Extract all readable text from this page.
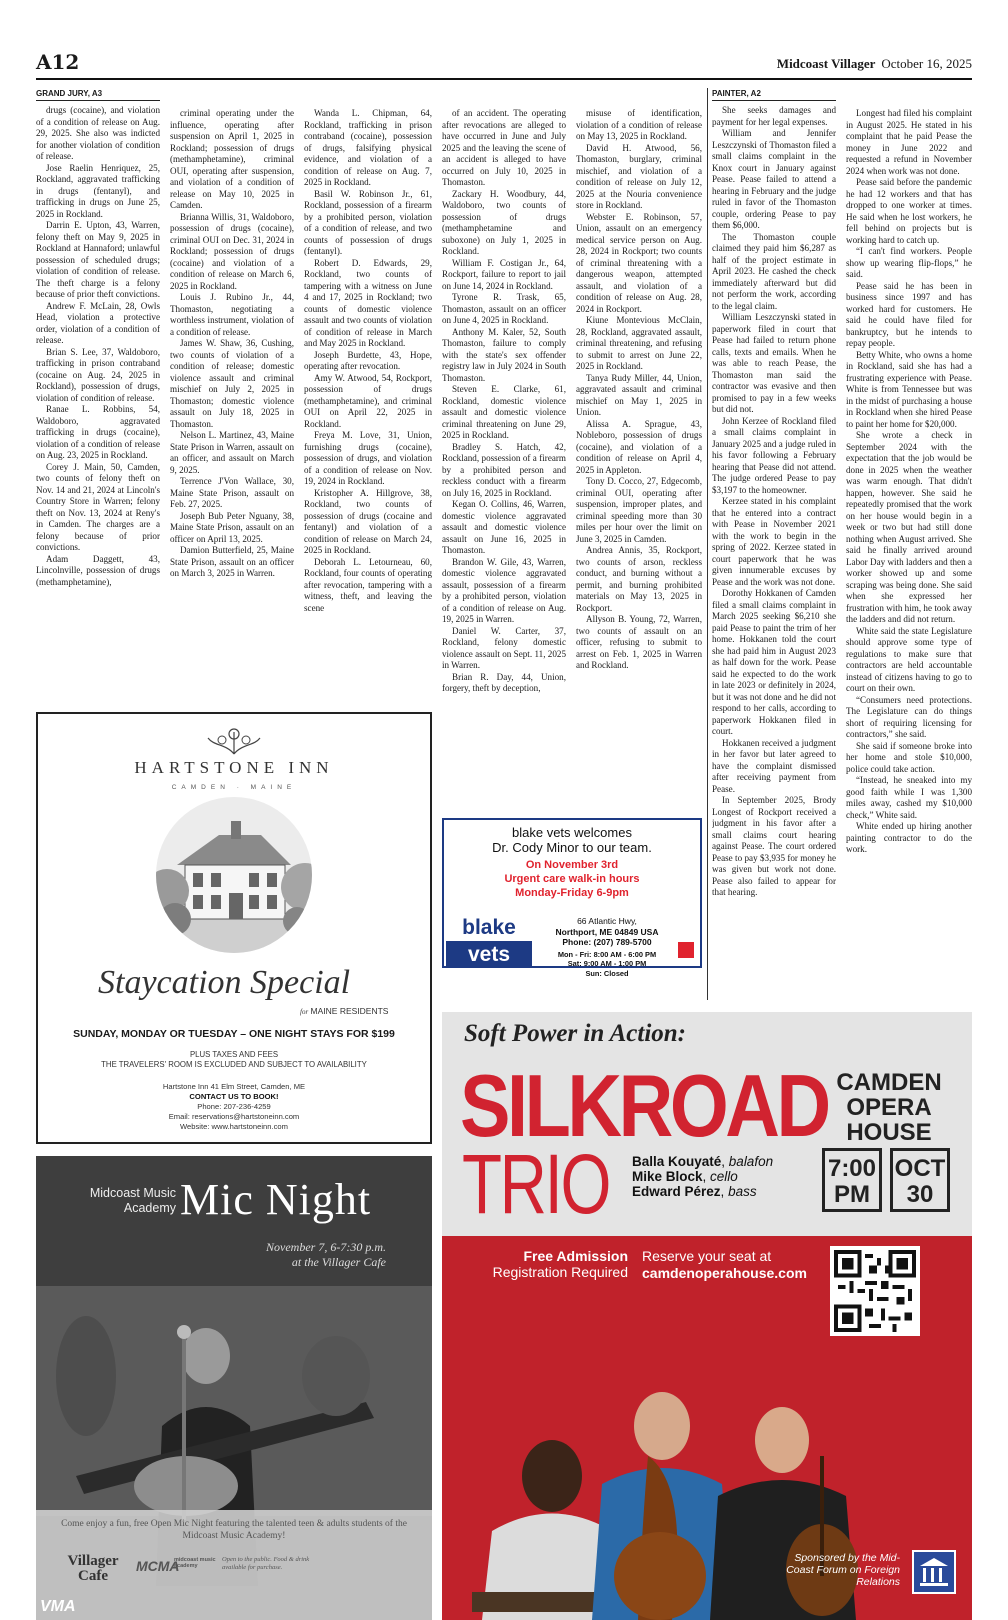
A12	Midcoast Villager October 16, 2025
GRAND JURY, A3

drugs (cocaine), and violation of a condition of release on Aug. 29, 2025. She also was indicted for another violation of condition of release.

Jose Raelin Henriquez, 25, Rockland, aggravated trafficking in drugs (fentanyl), and trafficking in drugs on June 25, 2025 in Rockland.

Darrin E. Upton, 43, Warren, felony theft on May 9, 2025 in Rockland at Hannaford; unlawful possession of scheduled drugs; violation of condition of release. The theft charge is a felony because of prior theft convictions.

Andrew F. McLain, 28, Owls Head, violation a protective order, violation of a condition of release.

Brian S. Lee, 37, Waldoboro, trafficking in prison contraband (cocaine on Aug. 24, 2025 in Rockland), possession of drugs, violation of condition of release.

Ranae L. Robbins, 54, Waldoboro, aggravated trafficking in drugs (cocaine), violation of a condition of release on Aug. 23, 2025 in Rockland.

Corey J. Main, 50, Camden, two counts of felony theft on Nov. 14 and 21, 2024 at Lincoln's Country Store in Warren; felony theft on Nov. 13, 2024 at Reny's in Camden. The charges are a felony because of prior convictions.

Adam Daggett, 43, Lincolnville, possession of drugs (methamphetamine),

criminal operating under the influence, operating after suspension on April 1, 2025 in Rockland; possession of drugs (methamphetamine), criminal OUI, operating after suspension, and violation of a condition of release on May 10, 2025 in Camden.

Brianna Willis, 31, Waldoboro, possession of drugs (cocaine), criminal OUI on Dec. 31, 2024 in Rockland; possession of drugs (cocaine) and violation of a condition of release on March 6, 2025 in Rockland.

Louis J. Rubino Jr., 44, Thomaston, negotiating a worthless instrument, violation of a condition of release.

James W. Shaw, 36, Cushing, two counts of violation of a condition of release; domestic violence assault and criminal mischief on July 2, 2025 in Thomaston; domestic violence assault on July 18, 2025 in Thomaston.

Nelson L. Martinez, 43, Maine State Prison in Warren, assault on an officer, and assault on March 9, 2025.

Terrence J'Von Wallace, 30, Maine State Prison, assault on Feb. 27, 2025.

Joseph Bub Peter Nguany, 38, Maine State Prison, assault on an officer on April 13, 2025.

Damion Butterfield, 25, Maine State Prison, assault on an officer on March 3, 2025 in Warren.

Wanda L. Chipman, 64, Rockland, trafficking in prison contraband (cocaine), possession of drugs, falsifying physical evidence, and violation of a condition of release on Aug. 7, 2025 in Rockland.

Basil W. Robinson Jr., 61, Rockland, possession of a firearm by a prohibited person, violation of a condition of release, and two counts of possession of drugs (fentanyl).

Robert D. Edwards, 29, Rockland, two counts of tampering with a witness on June 4 and 17, 2025 in Rockland; two counts of domestic violence assault and two counts of violation of condition of release in March and May 2025 in Rockland.

Joseph Burdette, 43, Hope, operating after revocation.

Amy W. Atwood, 54, Rockport, possession of drugs (methamphetamine), and criminal OUI on April 22, 2025 in Rockland.

Freya M. Love, 31, Union, furnishing drugs (cocaine), possession of drugs, and violation of a condition of release on Nov. 19, 2024 in Rockland.

Kristopher A. Hillgrove, 38, Rockland, two counts of possession of drugs (cocaine and fentanyl) and violation of a condition of release on March 24, 2025 in Rockland.

Deborah L. Letourneau, 60, Rockland, four counts of operating after revocation, tampering with a witness, theft, and leaving the scene

of an accident. The operating after revocations are alleged to have occurred in June and July 2025 and the leaving the scene of an accident is alleged to have occurred on July 10, 2025 in Thomaston.

Zackary H. Woodbury, 44, Waldoboro, two counts of possession of drugs (methamphetamine and suboxone) on July 1, 2025 in Rockland.

William F. Costigan Jr., 64, Rockport, failure to report to jail on June 14, 2024 in Rockland.

Tyrone R. Trask, 65, Thomaston, assault on an officer on June 4, 2025 in Rockland.

Anthony M. Kaler, 52, South Thomaston, failure to comply with the state's sex offender registry law in July 2024 in South Thomaston.

Steven E. Clarke, 61, Rockland, domestic violence assault and domestic violence criminal threatening on June 29, 2025 in Rockland.

Bradley S. Hatch, 42, Rockland, possession of a firearm by a prohibited person and reckless conduct with a firearm on July 16, 2025 in Rockland.

Kegan O. Collins, 46, Warren, domestic violence aggravated assault and domestic violence assault on June 16, 2025 in Thomaston.

Brandon W. Gile, 43, Warren, domestic violence aggravated assault, possession of a firearm by a prohibited person, violation of a condition of release on Aug. 19, 2025 in Warren.

Daniel W. Carter, 37, Rockland, felony domestic violence assault on Sept. 11, 2025 in Warren.

Brian R. Day, 44, Union, forgery, theft by deception,

misuse of identification, violation of a condition of release on May 13, 2025 in Rockland.

David H. Atwood, 56, Thomaston, burglary, criminal mischief, and violation of a condition of release on July 12, 2025 at the Nouria convenience store in Rockland.

Webster E. Robinson, 57, Union, assault on an emergency medical service person on Aug. 28, 2024 in Rockport; two counts of criminal threatening with a dangerous weapon, attempted assault, and violation of a condition of release on Aug. 28, 2024 in Rockport.

Kiune Montevious McClain, 28, Rockland, aggravated assault, criminal threatening, and refusing to submit to arrest on June 22, 2025 in Rockland.

Tanya Rudy Miller, 44, Union, aggravated assault and criminal mischief on May 1, 2025 in Union.

Alissa A. Sprague, 43, Nobleboro, possession of drugs (cocaine), and violation of a condition of release on April 4, 2025 in Appleton.

Tony D. Cocco, 27, Edgecomb, criminal OUI, operating after suspension, improper plates, and criminal speeding more than 30 miles per hour over the limit on June 3, 2025 in Camden.

Andrea Annis, 35, Rockport, two counts of arson, reckless conduct, and burning without a permit, and burning prohibited materials on May 13, 2025 in Rockport.

Allyson B. Young, 72, Warren, two counts of assault on an officer, refusing to submit to arrest on Feb. 1, 2025 in Warren and Rockland.

PAINTER, A2

She seeks damages and payment for her legal expenses.

William and Jennifer Leszczynski of Thomaston filed a small claims complaint in the Knox court in January against Pease. Pease failed to attend a hearing in February and the judge ruled in favor of the Thomaston couple, ordering Pease to pay them $6,000.

The Thomaston couple claimed they paid him $6,287 as half of the project estimate in April 2023. He cashed the check immediately afterward but did not perform the work, according to the legal claim.

William Leszczynski stated in paperwork filed in court that Pease had failed to return phone calls, texts and emails. When he was able to reach Pease, the Thomaston man said the contractor was evasive and then promised to pay in a few weeks but did not.

John Kerzee of Rockland filed a small claims complaint in January 2025 and a judge ruled in his favor following a February hearing that Pease did not attend. The judge ordered Pease to pay $3,197 to the homeowner.

Kerzee stated in his complaint that he entered into a contract with Pease in November 2021 with the work to begin in the spring of 2022. Kerzee stated in court paperwork that he was given innumerable excuses by Pease and the work was not done.

Dorothy Hokkanen of Camden filed a small claims complaint in March 2025 seeking $6,210 she paid Pease to paint the trim of her home. Hokkanen told the court she had paid him in August 2023 as half down for the work. Pease said he expected to do the work in late 2023 or definitely in 2024, but it was not done and he did not respond to her calls, according to paperwork Hokkanen filed in court.

Hokkanen received a judgment in her favor but later agreed to have the complaint dismissed after receiving payment from Pease.

In September 2025, Brody Longest of Rockport received a judgment in his favor after a small claims court hearing against Pease. The court ordered Pease to pay $3,935 for money he was given but work not done. Pease also failed to appear for that hearing.

Longest had filed his complaint in August 2025. He stated in his complaint that he paid Pease the money in June 2022 and requested a refund in November 2024 when work was not done.

Pease said before the pandemic he had 12 workers and that has dropped to one worker at times. He said when he lost workers, he fell behind on projects but is working hard to catch up.

“I can't find workers. People show up wearing flip-flops,” he said.

Pease said he has been in business since 1997 and has worked hard for customers. He said he could have filed for bankruptcy, but he intends to repay people.

Betty White, who owns a home in Rockland, said she has had a frustrating experience with Pease. White is from Tennessee but was in the midst of purchasing a house in Rockland when she hired Pease to paint her home for $20,000.

She wrote a check in September 2024 with the expectation that the job would be done in 2025 when the weather was warm enough. That didn't happen, however. She said he repeatedly promised that the work on her house would begin in a week or two but had still done nothing when August arrived. She said he finally arrived around Labor Day with ladders and then a worker showed up and some scraping was being done. She said when she expressed her frustration with him, he took away the ladders and did not return.

White said the state Legislature should approve some type of regulations to make sure that contractors are held accountable instead of citizens having to go to court on their own.

“Consumers need protections. The Legislature can do things short of requiring licensing for contractors,” she said.

She said if someone broke into her home and stole $10,000, police could take action.

“Instead, he sneaked into my good faith while I was 1,300 miles away, cashed my $10,000 check,” White said.

White ended up hiring another painting contractor to do the work.

HARTSTONE INN
CAMDEN · MAINE
Staycation Special
for MAINE RESIDENTS
SUNDAY, MONDAY OR TUESDAY – ONE NIGHT STAYS FOR $199
PLUS TAXES AND FEES
THE TRAVELERS' ROOM IS EXCLUDED AND SUBJECT TO AVAILABILITY
Hartstone Inn 41 Elm Street, Camden, ME
CONTACT US TO BOOK!
Phone: 207-236-4259
Email: reservations@hartstoneinn.com
Website: www.hartstoneinn.com
Midcoast Music Academy Mic Night
November 7, 6-7:30 p.m.
at the Villager Cafe
Come enjoy a fun, free Open Mic Night featuring the talented teen & adults students of the Midcoast Music Academy!
Villager Cafe
MCMA
midcoast music academy
Open to the public. Food & drink available for purchase.
VMA
blake vets welcomes
Dr. Cody Minor to our team.
On November 3rd
Urgent care walk-in hours
Monday-Friday 6-9pm
blake
vets
66 Atlantic Hwy,
Northport, ME 04849 USA
Phone: (207) 789-5700
Mon - Fri: 8:00 AM - 6:00 PM
Sat: 9:00 AM - 1:00 PM
Sun: Closed
Soft Power in Action:
SILKROAD
TRIO
CAMDEN
OPERA
HOUSE
Balla Kouyaté, balafon
Mike Block, cello
Edward Pérez, bass
7:00
PM
OCT
30
Free Admission
Registration Required
Reserve your seat at
camdenoperahouse.com
Sponsored by the Mid-Coast Forum on Foreign Relations
